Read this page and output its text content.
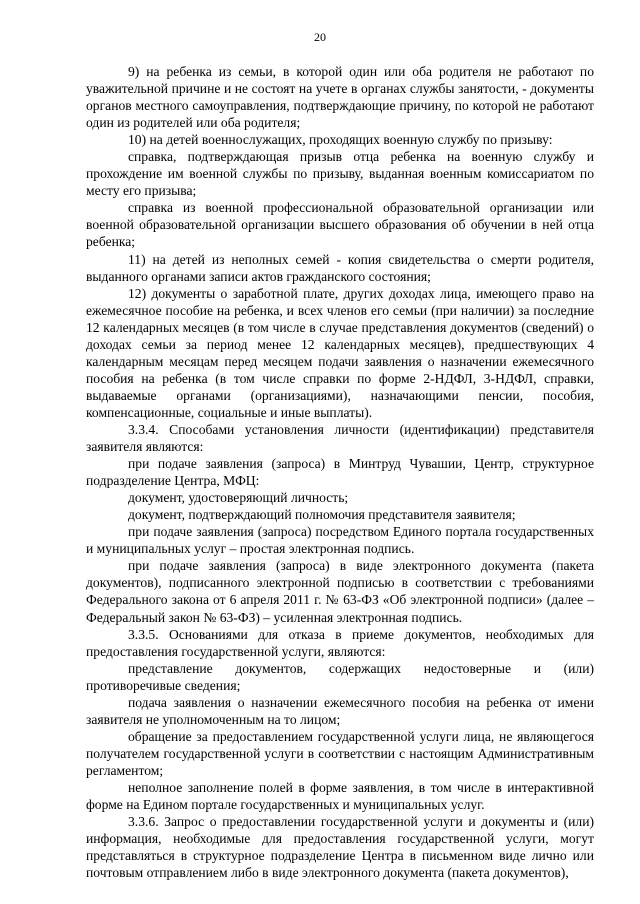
20

9) на ребенка из семьи, в которой один или оба родителя не работают по уважительной причине и не состоят на учете в органах службы занятости, - документы органов местного самоуправления, подтверждающие причину, по которой не работают один из родителей или оба родителя;

10) на детей военнослужащих, проходящих военную службу по призыву:

справка, подтверждающая призыв отца ребенка на военную службу и прохождение им военной службы по призыву, выданная военным комиссариатом по месту его призыва;

справка из военной профессиональной образовательной организации или военной образовательной организации высшего образования об обучении в ней отца ребенка;

11) на детей из неполных семей - копия свидетельства о смерти родителя, выданного органами записи актов гражданского состояния;

12) документы о заработной плате, других доходах лица, имеющего право на ежемесячное пособие на ребенка, и всех членов его семьи (при наличии) за последние 12 календарных месяцев (в том числе в случае представления документов (сведений) о доходах семьи за период менее 12 календарных месяцев), предшествующих 4 календарным месяцам перед месяцем подачи заявления о назначении ежемесячного пособия на ребенка (в том числе справки по форме 2-НДФЛ, 3-НДФЛ, справки, выдаваемые органами (организациями), назначающими пенсии, пособия, компенсационные, социальные и иные выплаты).

3.3.4. Способами установления личности (идентификации) представителя заявителя являются:

при подаче заявления (запроса) в Минтруд Чувашии, Центр, структурное подразделение Центра, МФЦ:

документ, удостоверяющий личность;

документ, подтверждающий полномочия представителя заявителя;

при подаче заявления (запроса) посредством Единого портала государственных и муниципальных услуг – простая электронная подпись.

при подаче заявления (запроса) в виде электронного документа (пакета документов), подписанного электронной подписью в соответствии с требованиями Федерального закона от 6 апреля 2011 г. № 63-ФЗ «Об электронной подписи» (далее – Федеральный закон № 63-ФЗ) – усиленная электронная подпись.

3.3.5. Основаниями для отказа в приеме документов, необходимых для предоставления государственной услуги, являются:

представление документов, содержащих недостоверные и (или) противоречивые сведения;

подача заявления о назначении ежемесячного пособия на ребенка от имени заявителя не уполномоченным на то лицом;

обращение за предоставлением государственной услуги лица, не являющегося получателем государственной услуги в соответствии с настоящим Административным регламентом;

неполное заполнение полей в форме заявления, в том числе в интерактивной форме на Едином портале государственных и муниципальных услуг.

3.3.6. Запрос о предоставлении государственной услуги и документы и (или) информация, необходимые для предоставления государственной услуги, могут представляться в структурное подразделение Центра в письменном виде лично или почтовым отправлением либо в виде электронного документа (пакета документов),
